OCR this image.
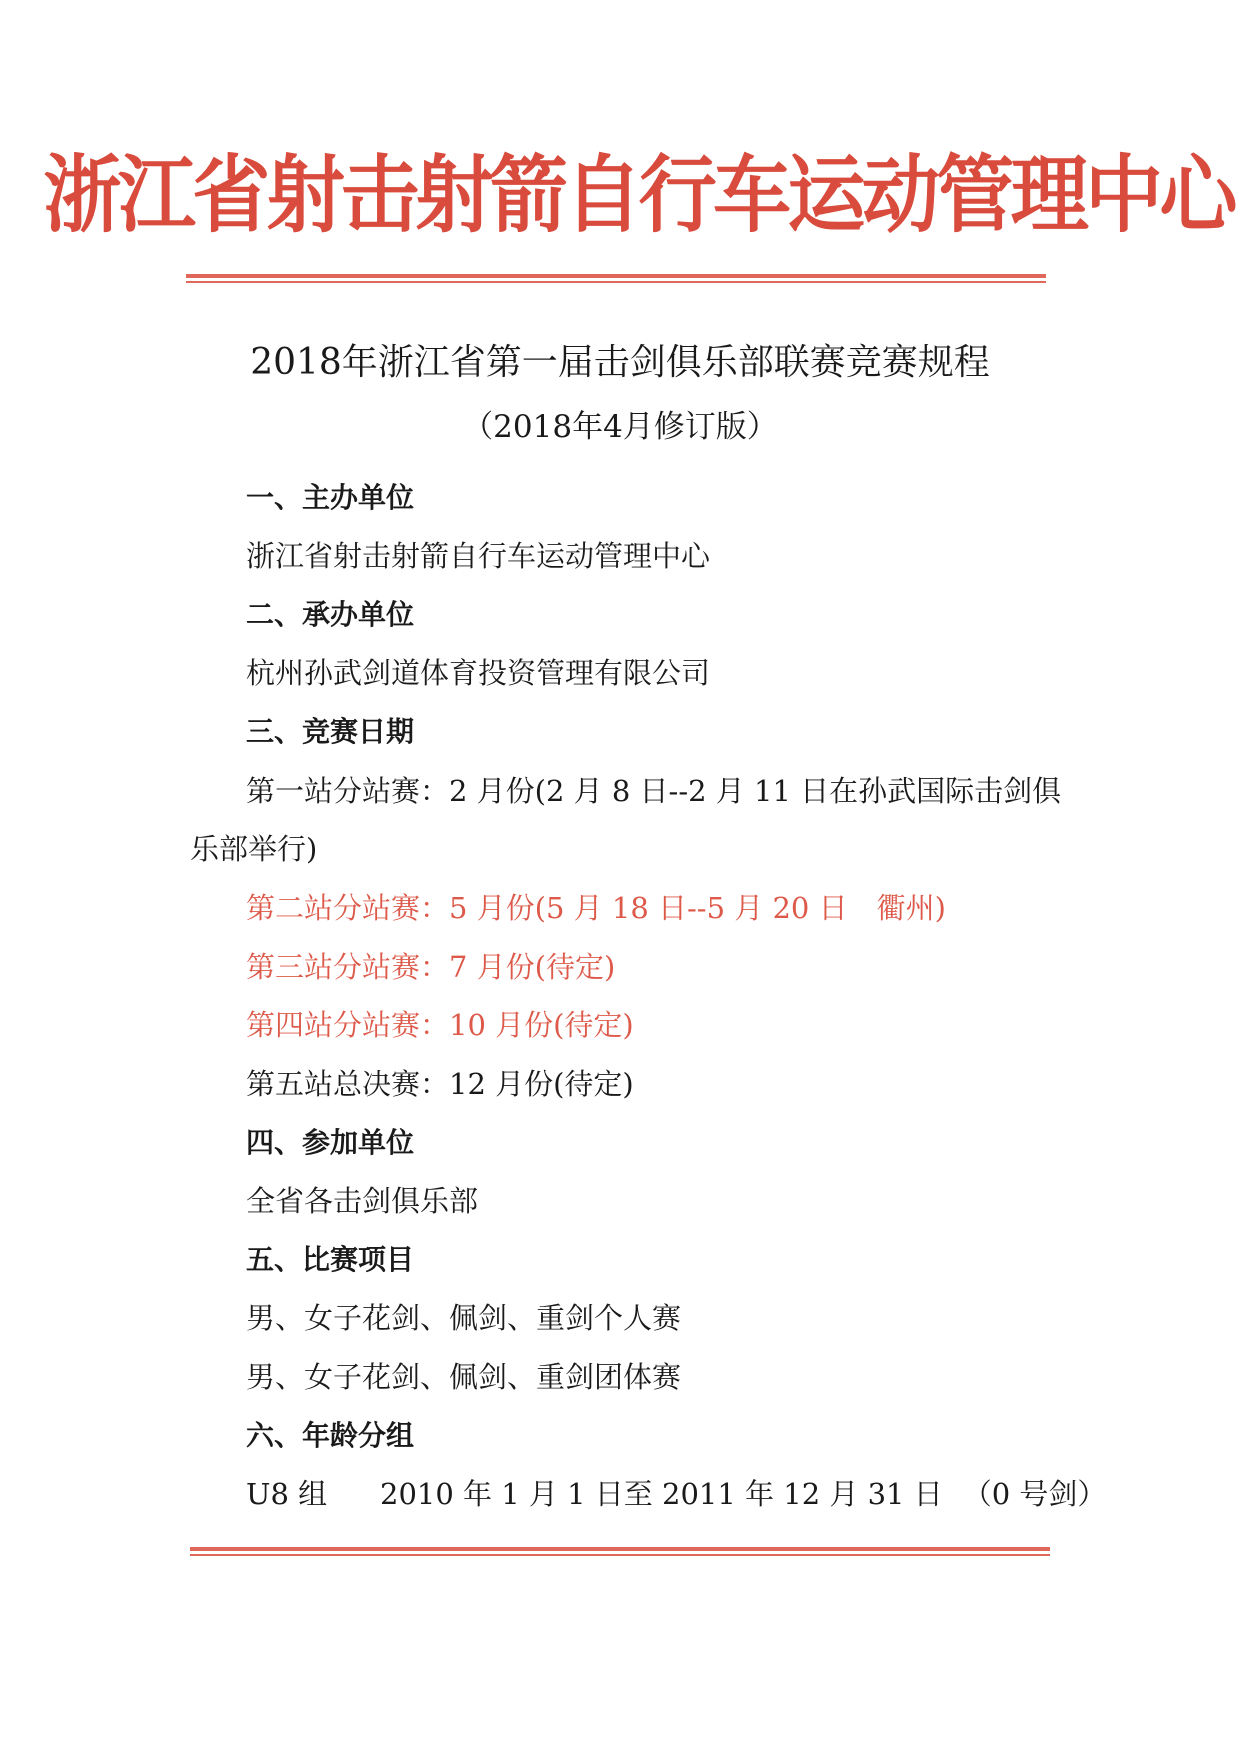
浙江省射击射箭自行车运动管理中心
2018年浙江省第一届击剑俱乐部联赛竞赛规程
（2018年4月修订版）
一、主办单位
浙江省射击射箭自行车运动管理中心
二、承办单位
杭州孙武剑道体育投资管理有限公司
三、竞赛日期
第一站分站赛：2 月份(2 月 8 日--2 月 11 日在孙武国际击剑俱
乐部举行)
第二站分站赛：5 月份(5 月 18 日--5 月 20 日　衢州)
第三站分站赛：7 月份(待定)
第四站分站赛：10 月份(待定)
第五站总决赛：12 月份(待定)
四、参加单位
全省各击剑俱乐部
五、比赛项目
男、女子花剑、佩剑、重剑个人赛
男、女子花剑、佩剑、重剑团体赛
六、年龄分组
U8 组 2010 年 1 月 1 日至 2011 年 12 月 31 日 （0 号剑）
